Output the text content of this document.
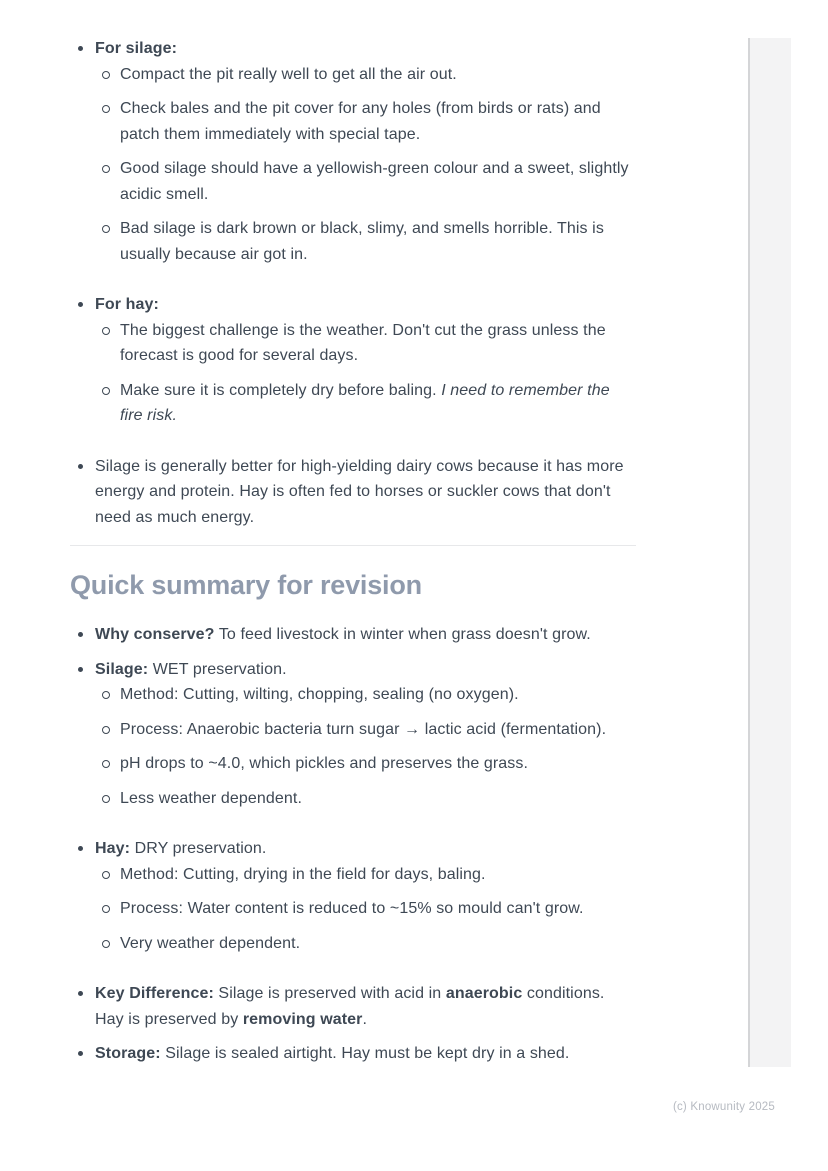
For silage:
Compact the pit really well to get all the air out.
Check bales and the pit cover for any holes (from birds or rats) and patch them immediately with special tape.
Good silage should have a yellowish-green colour and a sweet, slightly acidic smell.
Bad silage is dark brown or black, slimy, and smells horrible. This is usually because air got in.
For hay:
The biggest challenge is the weather. Don't cut the grass unless the forecast is good for several days.
Make sure it is completely dry before baling. I need to remember the fire risk.
Silage is generally better for high-yielding dairy cows because it has more energy and protein. Hay is often fed to horses or suckler cows that don't need as much energy.
Quick summary for revision
Why conserve? To feed livestock in winter when grass doesn't grow.
Silage: WET preservation.
Method: Cutting, wilting, chopping, sealing (no oxygen).
Process: Anaerobic bacteria turn sugar → lactic acid (fermentation).
pH drops to ~4.0, which pickles and preserves the grass.
Less weather dependent.
Hay: DRY preservation.
Method: Cutting, drying in the field for days, baling.
Process: Water content is reduced to ~15% so mould can't grow.
Very weather dependent.
Key Difference: Silage is preserved with acid in anaerobic conditions. Hay is preserved by removing water.
Storage: Silage is sealed airtight. Hay must be kept dry in a shed.
(c) Knowunity 2025
